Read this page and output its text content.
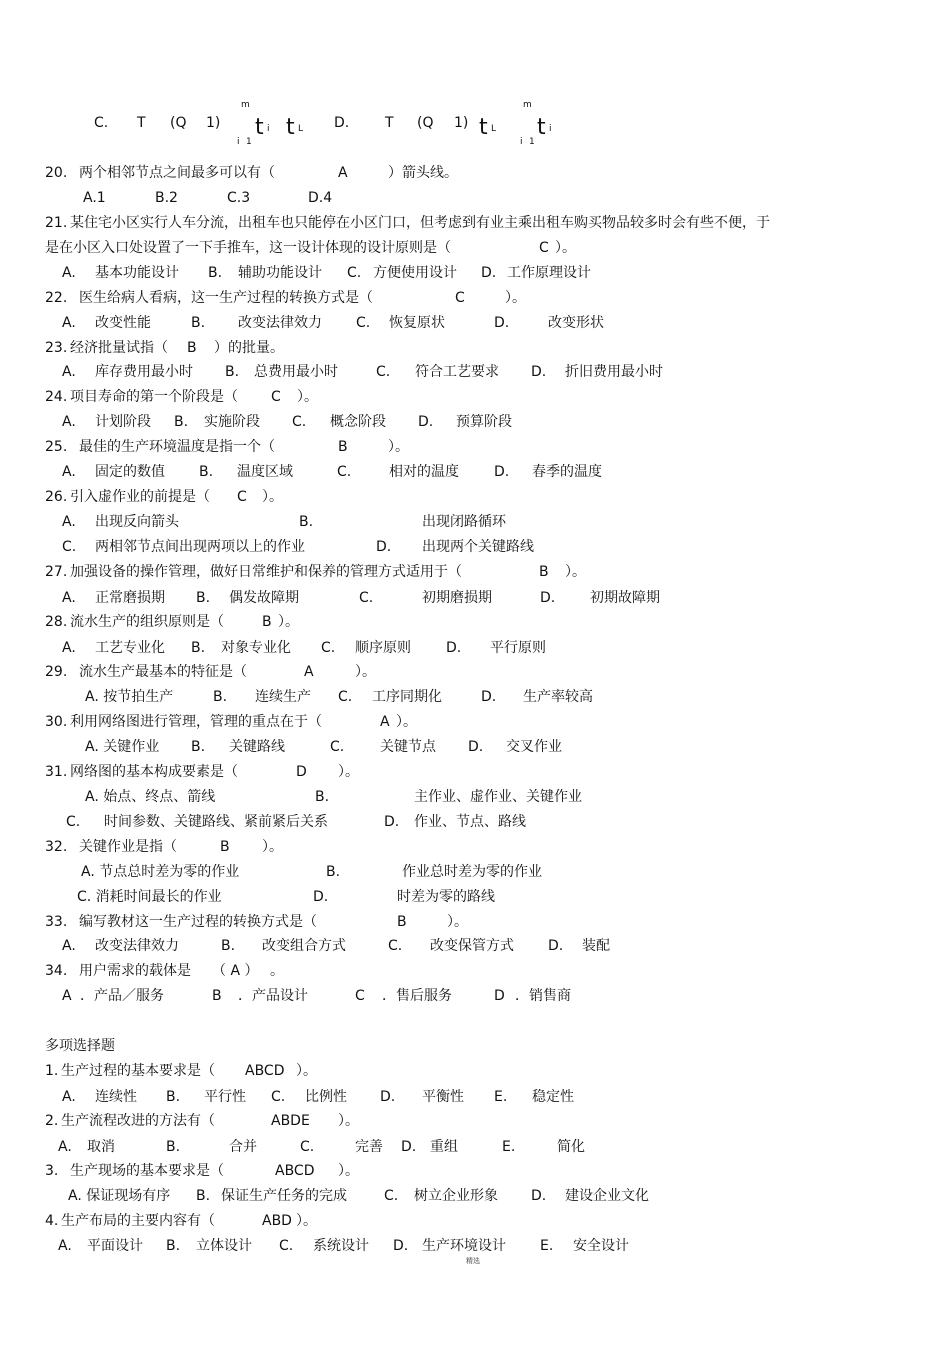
C. T (Q 1)
m
i 1
t i t L D.	T (Q 1) t L
m
i 1
t i
20. 两个相邻节点之间最多可以有（	A	）箭头线。
A.1	B.2	C.3	D.4
21. 某住宅小区实行人车分流，出租车也只能停在小区门口，但考虑到有业主乘出租车购买物品较多时会有些不便，于
是在小区入口处设置了一下手推车，这一设计体现的设计原则是（	C ）。
A. 基本功能设计 B. 辅助功能设计 C. 方便使用设计 D. 工作原理设计
22. 医生给病人看病，这一生产过程的转换方式是（	C	）。
A. 改变性能	B. 改变法律效力 C. 恢复原状	D.	改变形状
23. 经济批量试指（ B ）的批量。
A. 库存费用最小时 B. 总费用最小时	C. 符合工艺要求 D. 折旧费用最小时
24. 项目寿命的第一个阶段是（ C ）。
A. 计划阶段 B. 实施阶段 C. 概念阶段 D. 预算阶段
25. 最佳的生产环境温度是指一个（	B	）。
A. 固定的数值 B. 温度区域	C.	相对的温度	D. 春季的温度
26. 引入虚作业的前提是（ C ）。
A. 出现反向箭头	B.	出现闭路循环
C. 两相邻节点间出现两项以上的作业	D. 出现两个关键路线
27. 加强设备的操作管理，做好日常维护和保养的管理方式适用于（	B ）。
A. 正常磨损期 B. 偶发故障期	C.	初期磨损期	D. 初期故障期
28. 流水生产的组织原则是（	B ）。
A. 工艺专业化 B. 对象专业化 C. 顺序原则	D. 平行原则
29. 流水生产最基本的特征是（	A	）。
A. 按节拍生产	B. 连续生产 C. 工序同期化	D. 生产率较高
30. 利用网络图进行管理，管理的重点在于（	A ）。
A. 关键作业 B. 关键路线	C.	关键节点 D. 交叉作业
31. 网络图的基本构成要素是（	D ）。
A. 始点、终点、箭线	B.	主作业、虚作业、关键作业
C. 时间参数、关键路线、紧前紧后关系	D. 作业、节点、路线
32. 关键作业是指（	B ）。
A. 节点总时差为零的作业	B.	作业总时差为零的作业
C. 消耗时间最长的作业	D.	时差为零的路线
33. 编写教材这一生产过程的转换方式是（	B	）。
A. 改变法律效力	B. 改变组合方式	C. 改变保管方式 D. 装配
34. 用户需求的载体是 （ A ） 。
A ．产品／服务	B ．产品设计	C ．售后服务	D ．销售商
多项选择题
1. 生产过程的基本要求是（ ABCD ）。
A. 连续性 B. 平行性 C. 比例性 D. 平衡性 E. 稳定性
2. 生产流程改进的方法有（	ABDE ）。
A. 取消	B.	合并	C.	完善 D. 重组	E.	简化
3. 生产现场的基本要求是（	ABCD ）。
A. 保证现场有序 B. 保证生产任务的完成	C. 树立企业形象 D. 建设企业文化
4. 生产布局的主要内容有（	ABD ）。
A. 平面设计 B. 立体设计 C. 系统设计 D. 生产环境设计 E. 安全设计
精选
